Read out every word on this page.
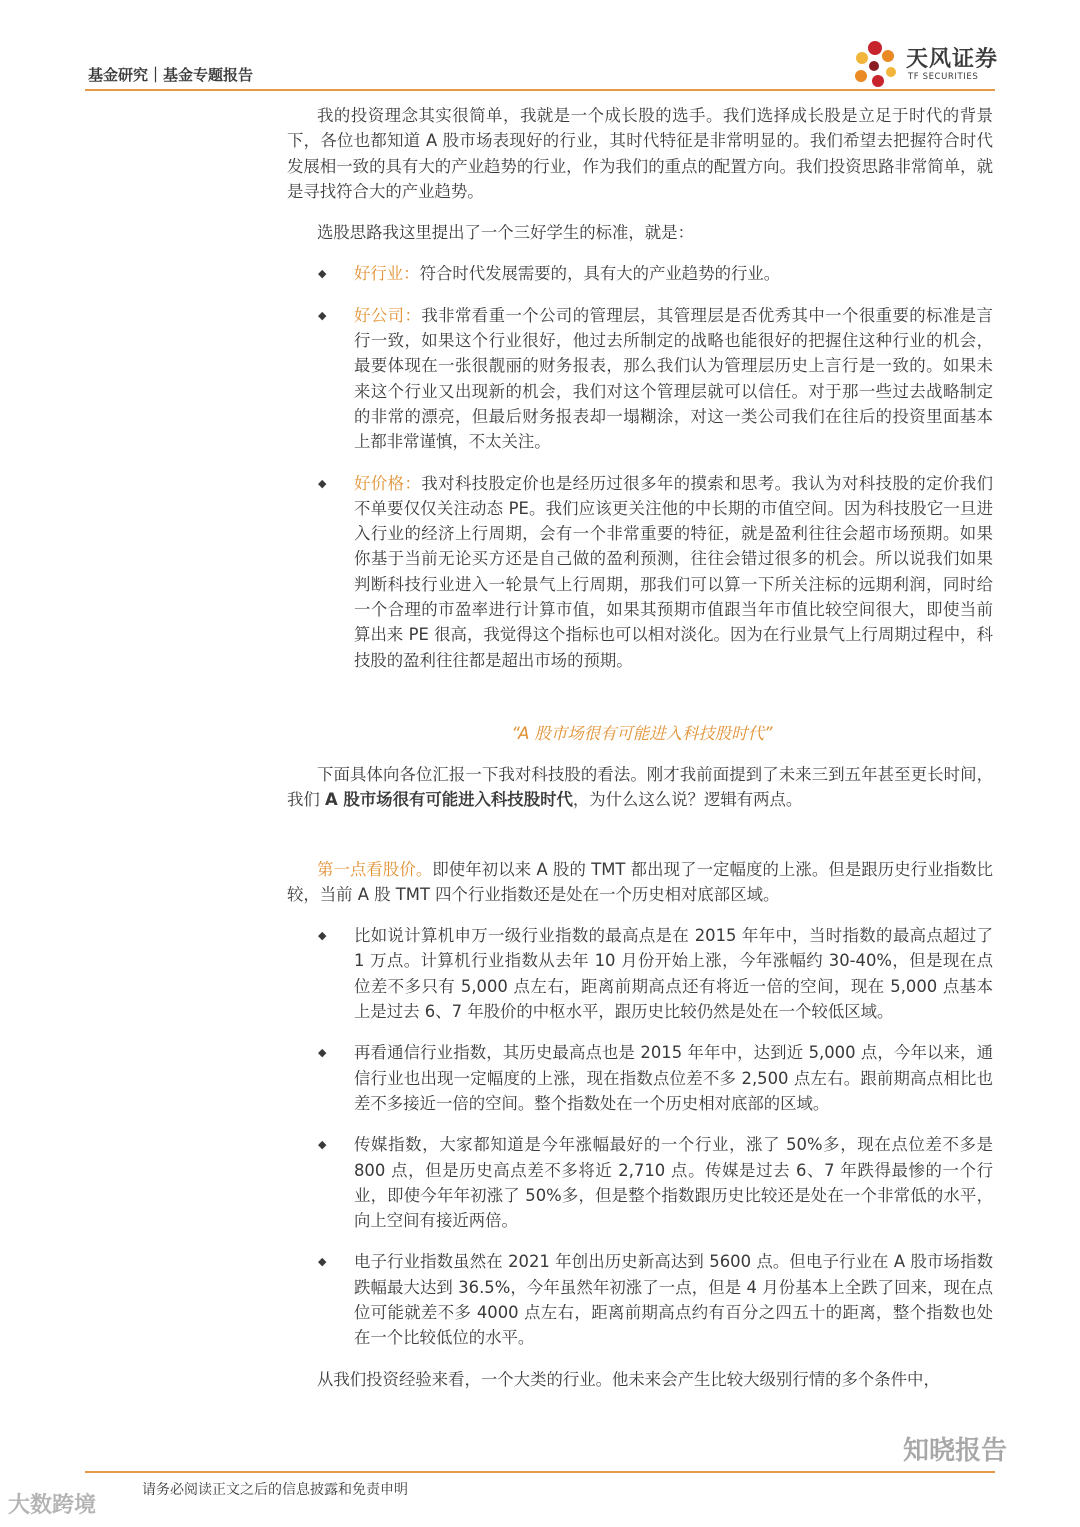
基金研究｜基金专题报告
天风证券
TF SECURITIES

我的投资理念其实很简单，我就是一个成长股的选手。我们选择成长股是立足于时代的背景下，各位也都知道 A 股市场表现好的行业，其时代特征是非常明显的。我们希望去把握符合时代发展相一致的具有大的产业趋势的行业，作为我们的重点的配置方向。我们投资思路非常简单，就是寻找符合大的产业趋势。

选股思路我这里提出了一个三好学生的标准，就是：

◆ 好行业：符合时代发展需要的，具有大的产业趋势的行业。
◆ 好公司：我非常看重一个公司的管理层，其管理层是否优秀其中一个很重要的标准是言行一致，如果这个行业很好，他过去所制定的战略也能很好的把握住这种行业的机会，最要体现在一张很靓丽的财务报表，那么我们认为管理层历史上言行是一致的。如果未来这个行业又出现新的机会，我们对这个管理层就可以信任。对于那一些过去战略制定的非常的漂亮，但最后财务报表却一塌糊涂，对这一类公司我们在往后的投资里面基本上都非常谨慎，不太关注。
◆ 好价格：我对科技股定价也是经历过很多年的摸索和思考。我认为对科技股的定价我们不单要仅仅关注动态 PE。我们应该更关注他的中长期的市值空间。因为科技股它一旦进入行业的经济上行周期，会有一个非常重要的特征，就是盈利往往会超市场预期。如果你基于当前无论买方还是自己做的盈利预测，往往会错过很多的机会。所以说我们如果判断科技行业进入一轮景气上行周期，那我们可以算一下所关注标的远期利润，同时给一个合理的市盈率进行计算市值，如果其预期市值跟当年市值比较空间很大，即使当前算出来 PE 很高，我觉得这个指标也可以相对淡化。因为在行业景气上行周期过程中，科技股的盈利往往都是超出市场的预期。
“A 股市场很有可能进入科技股时代”

下面具体向各位汇报一下我对科技股的看法。刚才我前面提到了未来三到五年甚至更长时间，我们 A 股市场很有可能进入科技股时代，为什么这么说？逻辑有两点。

第一点看股价。即使年初以来 A 股的 TMT 都出现了一定幅度的上涨。但是跟历史行业指数比较，当前 A 股 TMT 四个行业指数还是处在一个历史相对底部区域。

◆ 比如说计算机申万一级行业指数的最高点是在 2015 年年中，当时指数的最高点超过了 1 万点。计算机行业指数从去年 10 月份开始上涨，今年涨幅约 30-40%，但是现在点位差不多只有 5,000 点左右，距离前期高点还有将近一倍的空间，现在 5,000 点基本上是过去 6、7 年股价的中枢水平，跟历史比较仍然是处在一个较低区域。
◆ 再看通信行业指数，其历史最高点也是 2015 年年中，达到近 5,000 点，今年以来，通信行业也出现一定幅度的上涨，现在指数点位差不多 2,500 点左右。跟前期高点相比也差不多接近一倍的空间。整个指数处在一个历史相对底部的区域。
◆ 传媒指数，大家都知道是今年涨幅最好的一个行业，涨了 50%多，现在点位差不多是 800 点，但是历史高点差不多将近 2,710 点。传媒是过去 6、7 年跌得最惨的一个行业，即使今年年初涨了 50%多，但是整个指数跟历史比较还是处在一个非常低的水平，向上空间有接近两倍。
◆ 电子行业指数虽然在 2021 年创出历史新高达到 5600 点。但电子行业在 A 股市场指数跌幅最大达到 36.5%，今年虽然年初涨了一点，但是 4 月份基本上全跌了回来，现在点位可能就差不多 4000 点左右，距离前期高点约有百分之四五十的距离，整个指数也处在一个比较低位的水平。

从我们投资经验来看，一个大类的行业。他未来会产生比较大级别行情的多个条件中，

请务必阅读正文之后的信息披露和免责申明
大数跨境
知晓报告
